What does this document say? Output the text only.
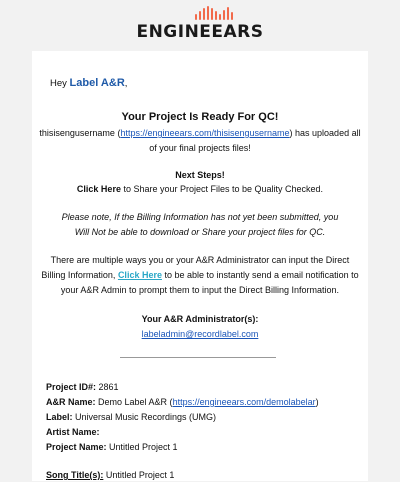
ENGINEEARS
Hey Label A&R,
Your Project Is Ready For QC!
thisisengusername (https://engineears.com/thisisengusername) has uploaded all
of your final projects files!
Next Steps!
Click Here to Share your Project Files to be Quality Checked.
Please note, If the Billing Information has not yet been submitted, you
Will Not be able to download or Share your project files for QC.
There are multiple ways you or your A&R Administrator can input the Direct
Billing Information, Click Here to be able to instantly send a email notification to
your A&R Admin to prompt them to input the Direct Billing Information.
Your A&R Administrator(s):
labeladmin@recordlabel.com
Project ID#: 2861
A&R Name: Demo Label A&R (https://engineears.com/demolabelar)
Label: Universal Music Recordings (UMG)
Artist Name:
Project Name: Untitled Project 1
Song Title(s): Untitled Project 1
